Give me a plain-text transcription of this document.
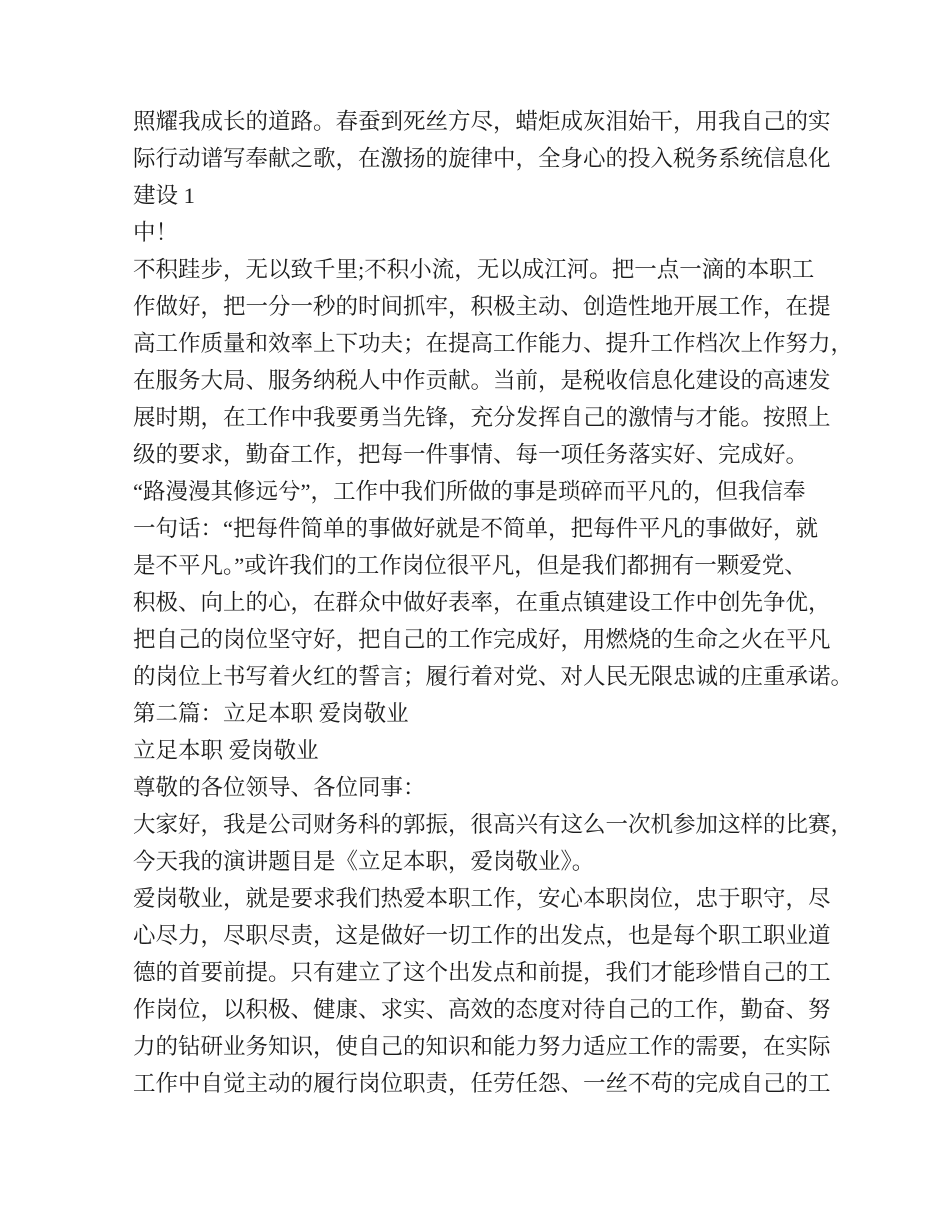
照耀我成长的道路。春蚕到死丝方尽，蜡炬成灰泪始干，用我自己的实

际行动谱写奉献之歌，在激扬的旋律中，全身心的投入税务系统信息化

建设 1

中！

不积跬步，无以致千里;不积小流，无以成江河。把一点一滴的本职工

作做好，把一分一秒的时间抓牢，积极主动、创造性地开展工作，在提

高工作质量和效率上下功夫；在提高工作能力、提升工作档次上作努力，

在服务大局、服务纳税人中作贡献。当前，是税收信息化建设的高速发

展时期，在工作中我要勇当先锋，充分发挥自己的激情与才能。按照上

级的要求，勤奋工作，把每一件事情、每一项任务落实好、完成好。

“路漫漫其修远兮”，工作中我们所做的事是琐碎而平凡的，但我信奉

一句话：“把每件简单的事做好就是不简单，把每件平凡的事做好，就

是不平凡。”或许我们的工作岗位很平凡，但是我们都拥有一颗爱党、

积极、向上的心，在群众中做好表率，在重点镇建设工作中创先争优，

把自己的岗位坚守好，把自己的工作完成好，用燃烧的生命之火在平凡

的岗位上书写着火红的誓言；履行着对党、对人民无限忠诚的庄重承诺。

第二篇：立足本职 爱岗敬业

立足本职 爱岗敬业

尊敬的各位领导、各位同事：

大家好，我是公司财务科的郭振，很高兴有这么一次机参加这样的比赛，

今天我的演讲题目是《立足本职，爱岗敬业》。

爱岗敬业，就是要求我们热爱本职工作，安心本职岗位，忠于职守，尽

心尽力，尽职尽责，这是做好一切工作的出发点，也是每个职工职业道

德的首要前提。只有建立了这个出发点和前提，我们才能珍惜自己的工

作岗位，以积极、健康、求实、高效的态度对待自己的工作，勤奋、努

力的钻研业务知识，使自己的知识和能力努力适应工作的需要，在实际

工作中自觉主动的履行岗位职责，任劳任怨、一丝不苟的完成自己的工
